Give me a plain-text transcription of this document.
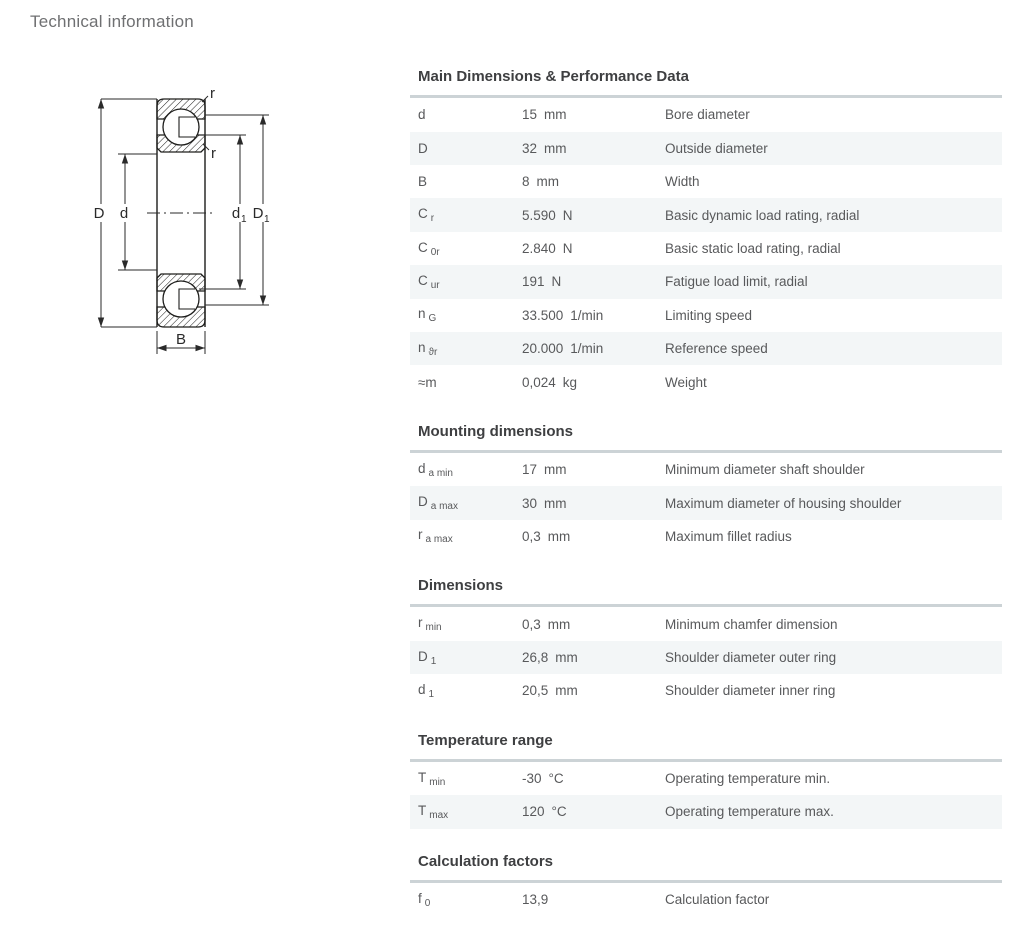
Technical information
D d	d 1 D 1
r
r
B
Main Dimensions & Performance Data
d	15 mm	Bore diameter
D	32 mm	Outside diameter
B	8 mm	Width
C $_r$	5.590 N	Basic dynamic load rating, radial
C $_{0r}$	2.840 N	Basic static load rating, radial
C $_{ur}$	191 N	Fatigue load limit, radial
n $_G$	33.500 1/min	Limiting speed
n $_{ϑr}$	20.000 1/min	Reference speed
≈m	0,024 kg	Weight
Mounting dimensions
d $_{a min}$	17 mm	Minimum diameter shaft shoulder
D $_{a max}$	30 mm	Maximum diameter of housing shoulder
r $_{a max}$	0,3 mm	Maximum fillet radius
Dimensions
r $_{min}$	0,3 mm	Minimum chamfer dimension
D $_1$	26,8 mm	Shoulder diameter outer ring
d $_1$	20,5 mm	Shoulder diameter inner ring
Temperature range
T $_{min}$	-30 °C	Operating temperature min.
T $_{max}$	120 °C	Operating temperature max.
Calculation factors
f $_0$	13,9	Calculation factor
